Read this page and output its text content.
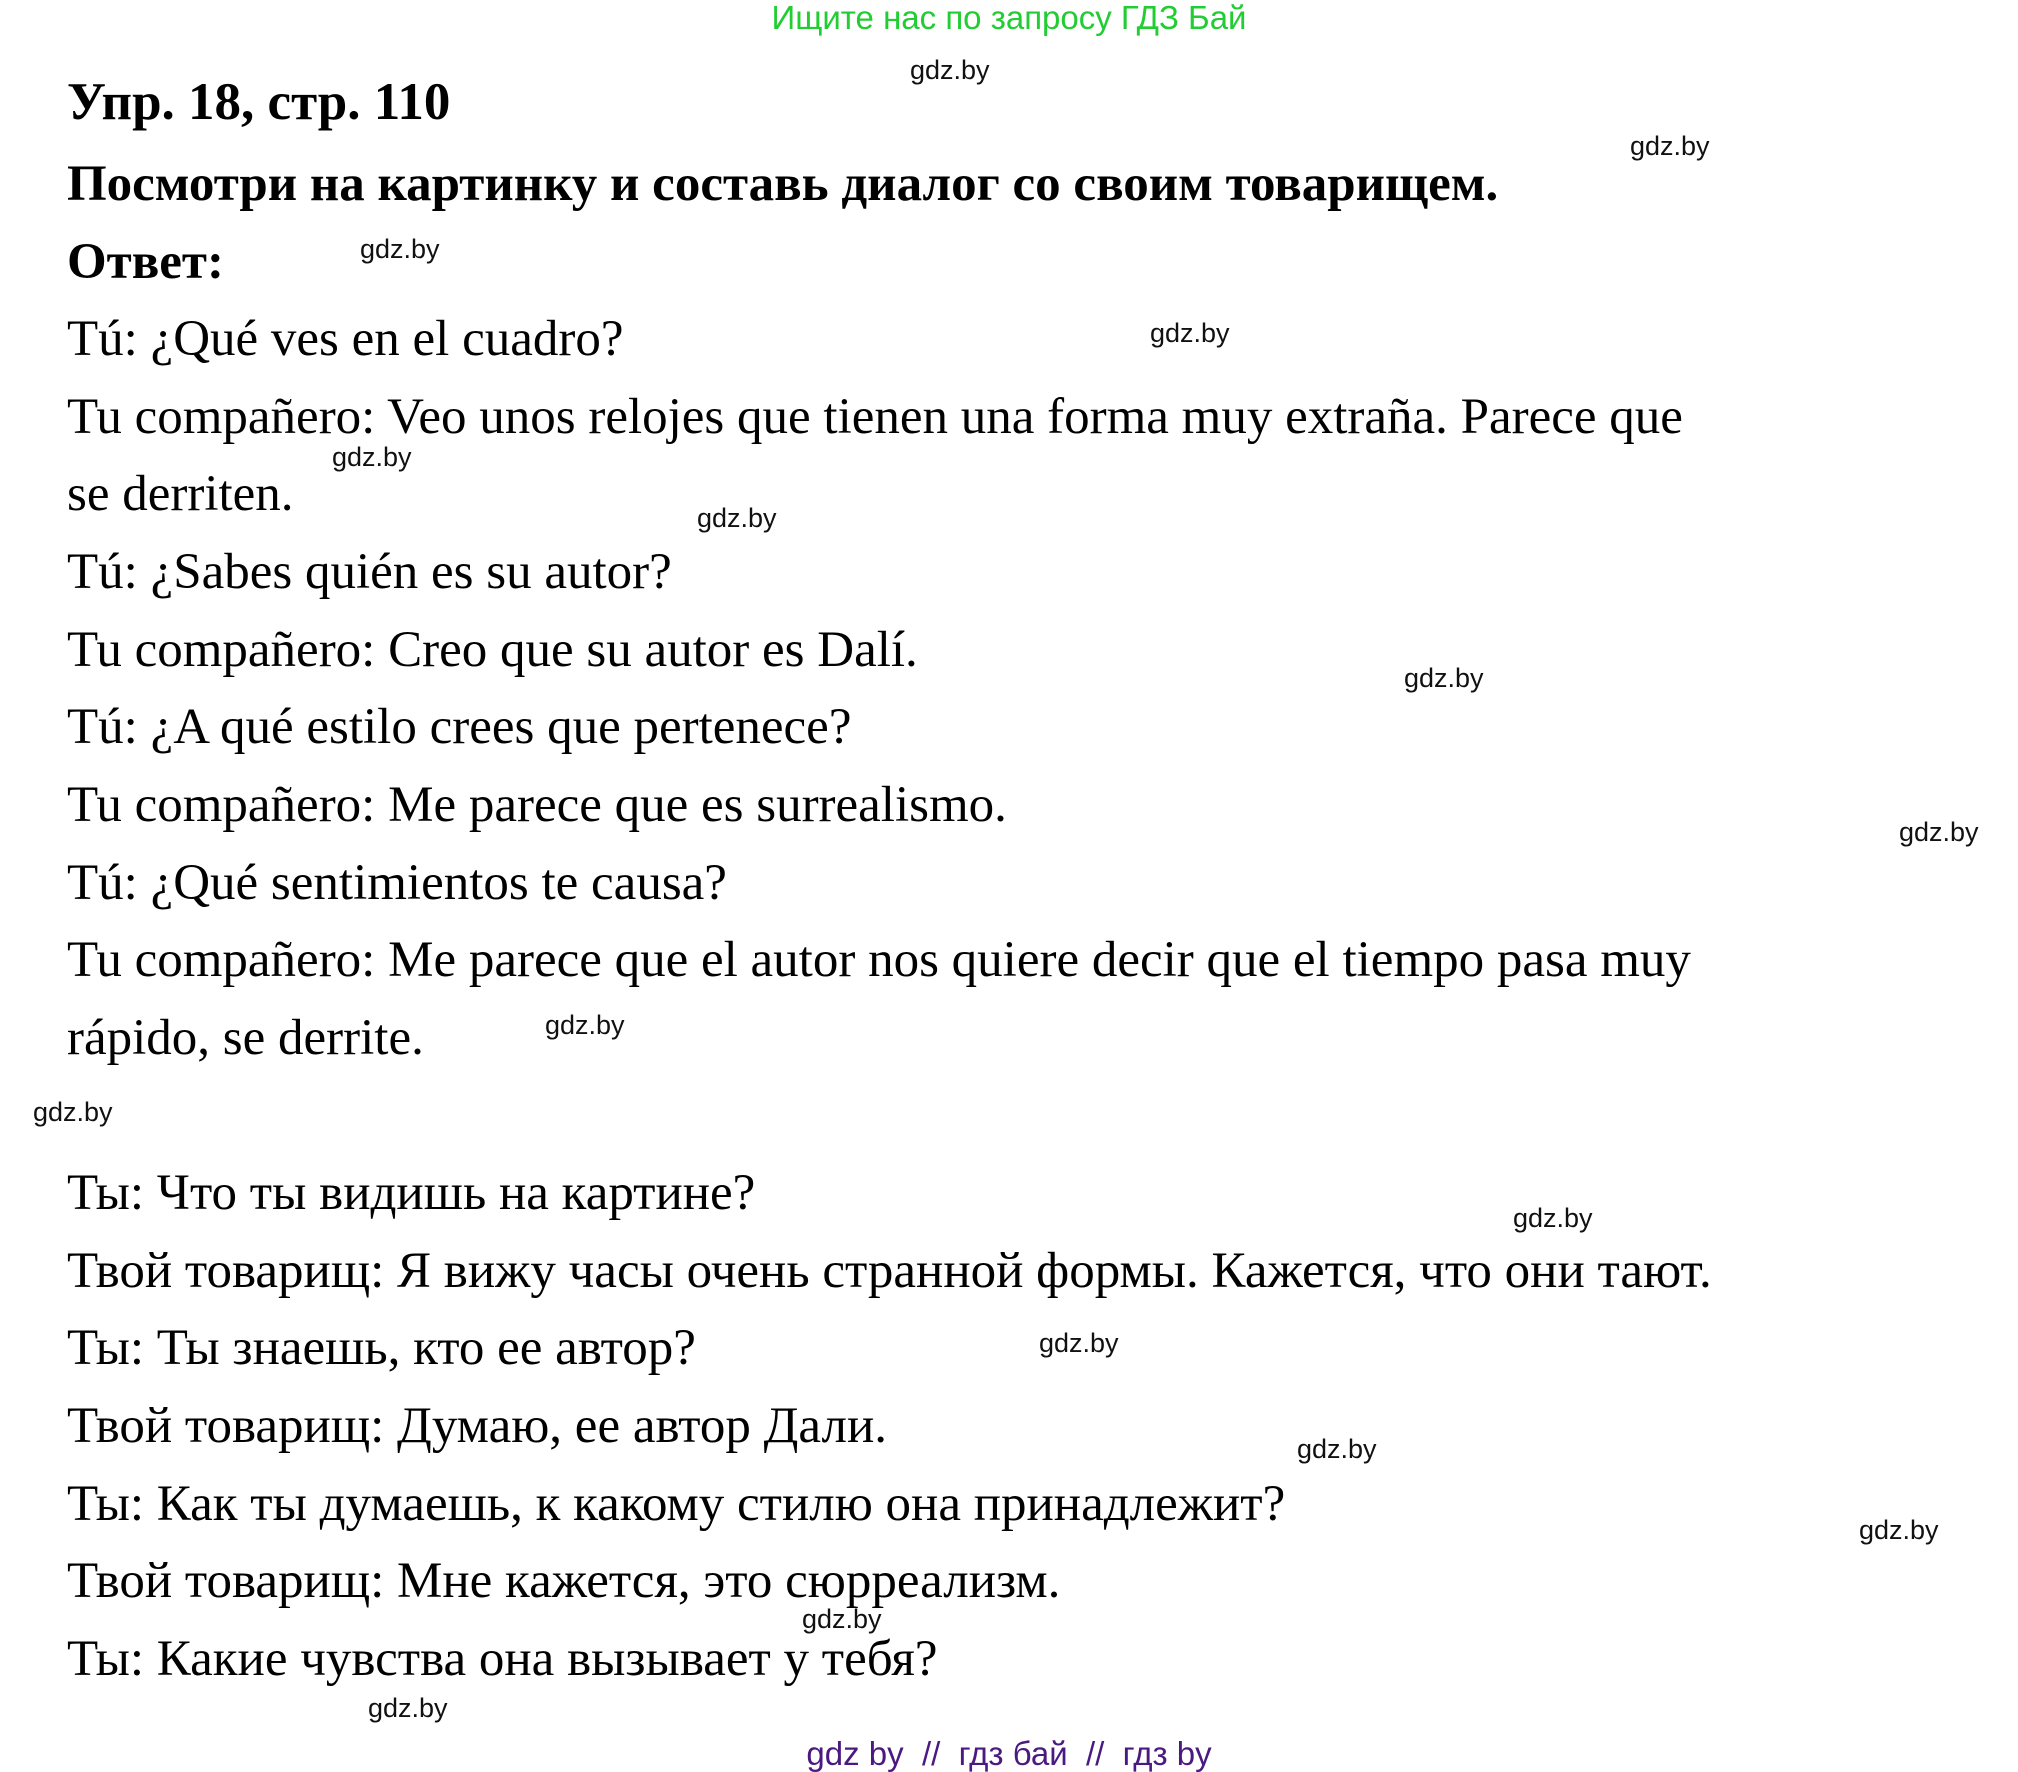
Ищите нас по запросу ГДЗ Бай
Упр. 18, стр. 110
Посмотри на картинку и составь диалог со своим товарищем.
Ответ:
Tú: ¿Qué ves en el cuadro?
Tu compañero: Veo unos relojes que tienen una forma muy extraña. Parece que
se derriten.
Tú: ¿Sabes quién es su autor?
Tu compañero: Creo que su autor es Dalí.
Tú: ¿A qué estilo crees que pertenece?
Tu compañero: Me parece que es surrealismo.
Tú: ¿Qué sentimientos te causa?
Tu compañero: Me parece que el autor nos quiere decir que el tiempo pasa muy
rápido, se derrite.
Ты: Что ты видишь на картине?
Твой товарищ: Я вижу часы очень странной формы. Кажется, что они тают.
Ты: Ты знаешь, кто ее автор?
Твой товарищ: Думаю, ее автор Дали.
Ты: Как ты думаешь, к какому стилю она принадлежит?
Твой товарищ: Мне кажется, это сюрреализм.
Ты: Какие чувства она вызывает у тебя?
gdz.by
gdz.by
gdz.by
gdz.by
gdz.by
gdz.by
gdz.by
gdz.by
gdz.by
gdz.by
gdz.by
gdz.by
gdz.by
gdz.by
gdz.by
gdz.by
gdz by  //  гдз бай  //  гдз by
